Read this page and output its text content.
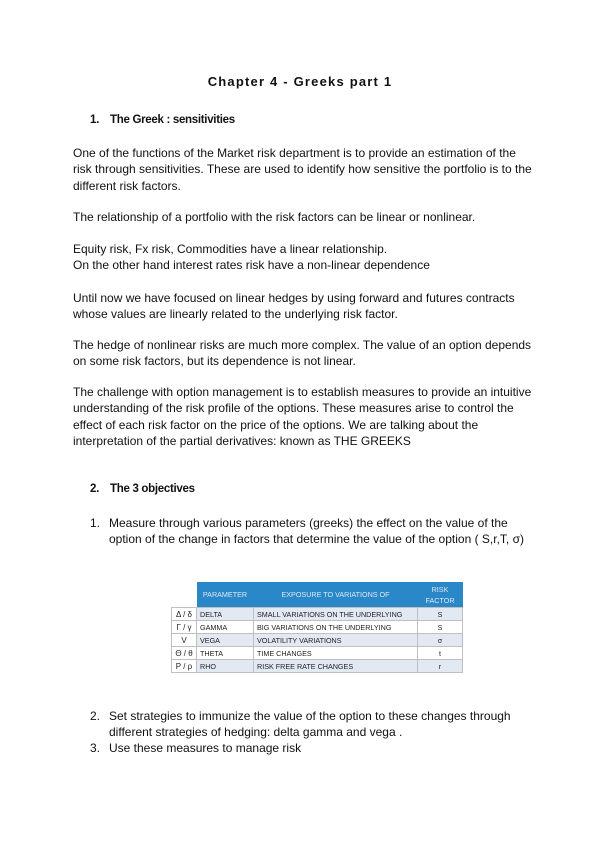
Chapter 4 - Greeks part 1
1. The Greek : sensitivities

One of the functions of the Market risk department is to provide an estimation of the risk through sensitivities. These are used to identify how sensitive the portfolio is to the different risk factors.

The relationship of a portfolio with the risk factors can be linear or nonlinear.

Equity risk, Fx risk, Commodities have a linear relationship.

On the other hand interest rates risk have a non-linear dependence

Until now we have focused on linear hedges by using forward and futures contracts whose values are linearly related to the underlying risk factor.

The hedge of nonlinear risks are much more complex. The value of an option depends on some risk factors, but its dependence is not linear.

The challenge with option management is to establish measures to provide an intuitive understanding of the risk profile of the options. These measures arise to control the effect of each risk factor on the price of the options. We are talking about the interpretation of the partial derivatives: known as THE GREEKS

2. The 3 objectives
1. Measure through various parameters (greeks) the effect on the value of the option of the change in factors that determine the value of the option ( S,r,T, σ)
	PARAMETER	EXPOSURE TO VARIATIONS OF	RISK
FACTOR
Δ / δ	DELTA	SMALL VARIATIONS ON THE UNDERLYING	S
Γ / γ	GAMMA	BIG VARIATIONS ON THE UNDERLYING	S
V	VEGA	VOLATILITY VARIATIONS	σ
Θ / θ	THETA	TIME CHANGES	t
Ρ / ρ	RHO	RISK FREE RATE CHANGES	r
2. Set strategies to immunize the value of the option to these changes through different strategies of hedging: delta gamma and vega .
3. Use these measures to manage risk
